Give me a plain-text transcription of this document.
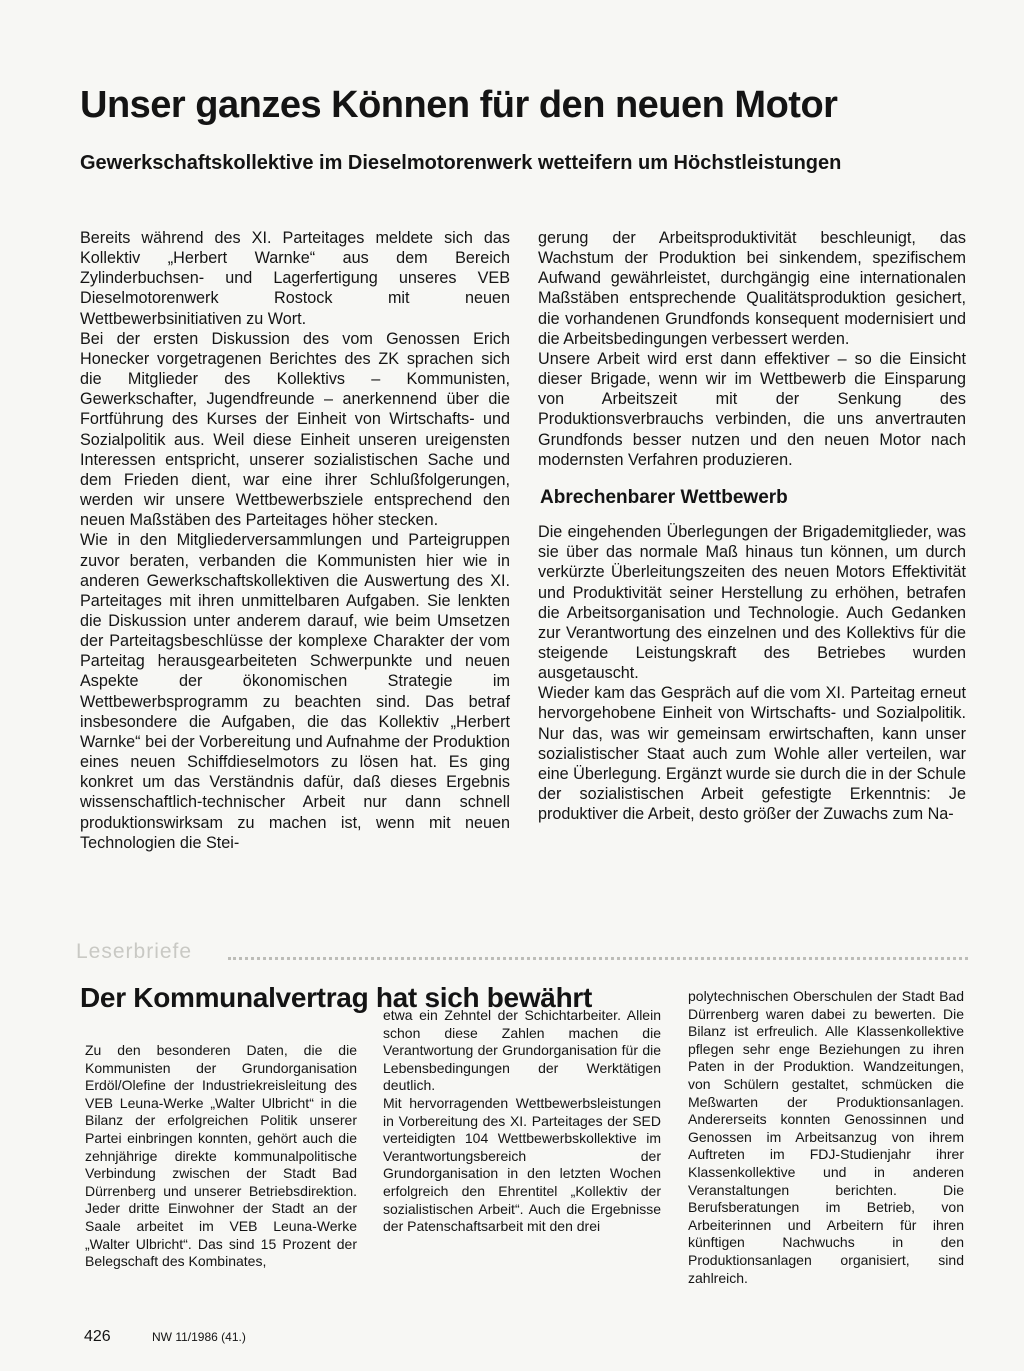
Unser ganzes Können für den neuen Motor
Gewerkschaftskollektive im Dieselmotorenwerk wetteifern um Höchstleistungen

Bereits während des XI. Parteitages meldete sich das Kollektiv „Herbert Warnke“ aus dem Bereich Zylinderbuchsen- und Lagerfertigung unseres VEB Dieselmotorenwerk Rostock mit neuen Wettbewerbsinitiativen zu Wort.

Bei der ersten Diskussion des vom Genossen Erich Honecker vorgetragenen Berichtes des ZK sprachen sich die Mitglieder des Kollektivs – Kommunisten, Gewerkschafter, Jugendfreunde – anerkennend über die Fortführung des Kurses der Einheit von Wirtschafts- und Sozialpolitik aus. Weil diese Einheit unseren ureigensten Interessen entspricht, unserer sozialistischen Sache und dem Frieden dient, war eine ihrer Schlußfolgerungen, werden wir unsere Wettbewerbsziele entsprechend den neuen Maßstäben des Parteitages höher stecken.

Wie in den Mitgliederversammlungen und Parteigruppen zuvor beraten, verbanden die Kommunisten hier wie in anderen Gewerkschaftskollektiven die Auswertung des XI. Parteitages mit ihren unmittelbaren Aufgaben. Sie lenkten die Diskussion unter anderem darauf, wie beim Umsetzen der Parteitagsbeschlüsse der komplexe Charakter der vom Parteitag herausgearbeiteten Schwerpunkte und neuen Aspekte der ökonomischen Strategie im Wettbewerbsprogramm zu beachten sind. Das betraf insbesondere die Aufgaben, die das Kollektiv „Herbert Warnke“ bei der Vorbereitung und Aufnahme der Produktion eines neuen Schiffdieselmotors zu lösen hat. Es ging konkret um das Verständnis dafür, daß dieses Ergebnis wissenschaftlich-technischer Arbeit nur dann schnell produktionswirksam zu machen ist, wenn mit neuen Technologien die Stei-

gerung der Arbeitsproduktivität beschleunigt, das Wachstum der Produktion bei sinkendem, spezifischem Aufwand gewährleistet, durchgängig eine internationalen Maßstäben entsprechende Qualitätsproduktion gesichert, die vorhandenen Grundfonds konsequent modernisiert und die Arbeitsbedingungen verbessert werden.

Unsere Arbeit wird erst dann effektiver – so die Einsicht dieser Brigade, wenn wir im Wettbewerb die Einsparung von Arbeitszeit mit der Senkung des Produktionsverbrauchs verbinden, die uns anvertrauten Grundfonds besser nutzen und den neuen Motor nach modernsten Verfahren produzieren.

Abrechenbarer Wettbewerb

Die eingehenden Überlegungen der Brigademitglieder, was sie über das normale Maß hinaus tun können, um durch verkürzte Überleitungszeiten des neuen Motors Effektivität und Produktivität seiner Herstellung zu erhöhen, betrafen die Arbeitsorganisation und Technologie. Auch Gedanken zur Verantwortung des einzelnen und des Kollektivs für die steigende Leistungskraft des Betriebes wurden ausgetauscht.

Wieder kam das Gespräch auf die vom XI. Parteitag erneut hervorgehobene Einheit von Wirtschafts- und Sozialpolitik. Nur das, was wir gemeinsam erwirtschaften, kann unser sozialistischer Staat auch zum Wohle aller verteilen, war eine Überlegung. Ergänzt wurde sie durch die in der Schule der sozialistischen Arbeit gefestigte Erkenntnis: Je produktiver die Arbeit, desto größer der Zuwachs zum Na-

Leserbriefe
Der Kommunalvertrag hat sich bewährt

Zu den besonderen Daten, die die Kommunisten der Grundorganisation Erdöl/Olefine der Industriekreisleitung des VEB Leuna-Werke „Walter Ulbricht“ in die Bilanz der erfolgreichen Politik unserer Partei einbringen konnten, gehört auch die zehnjährige direkte kommunalpolitische Verbindung zwischen der Stadt Bad Dürrenberg und unserer Betriebsdirektion. Jeder dritte Einwohner der Stadt an der Saale arbeitet im VEB Leuna-Werke „Walter Ulbricht“. Das sind 15 Prozent der Belegschaft des Kombinates,

etwa ein Zehntel der Schichtarbeiter. Allein schon diese Zahlen machen die Verantwortung der Grundorganisation für die Lebensbedingungen der Werktätigen deutlich.

Mit hervorragenden Wettbewerbsleistungen in Vorbereitung des XI. Parteitages der SED verteidigten 104 Wettbewerbskollektive im Verantwortungsbereich der Grundorganisation in den letzten Wochen erfolgreich den Ehrentitel „Kollektiv der sozialistischen Arbeit“. Auch die Ergebnisse der Patenschaftsarbeit mit den drei

polytechnischen Oberschulen der Stadt Bad Dürrenberg waren dabei zu bewerten. Die Bilanz ist erfreulich. Alle Klassenkollektive pflegen sehr enge Beziehungen zu ihren Paten in der Produktion. Wandzeitungen, von Schülern gestaltet, schmücken die Meßwarten der Produktionsanlagen. Andererseits konnten Genossinnen und Genossen im Arbeitsanzug von ihrem Auftreten im FDJ-Studienjahr ihrer Klassenkollektive und in anderen Veranstaltungen berichten. Die Berufsberatungen im Betrieb, von Arbeiterinnen und Arbeitern für ihren künftigen Nachwuchs in den Produktionsanlagen organisiert, sind zahlreich.

426	NW 11/1986 (41.)
